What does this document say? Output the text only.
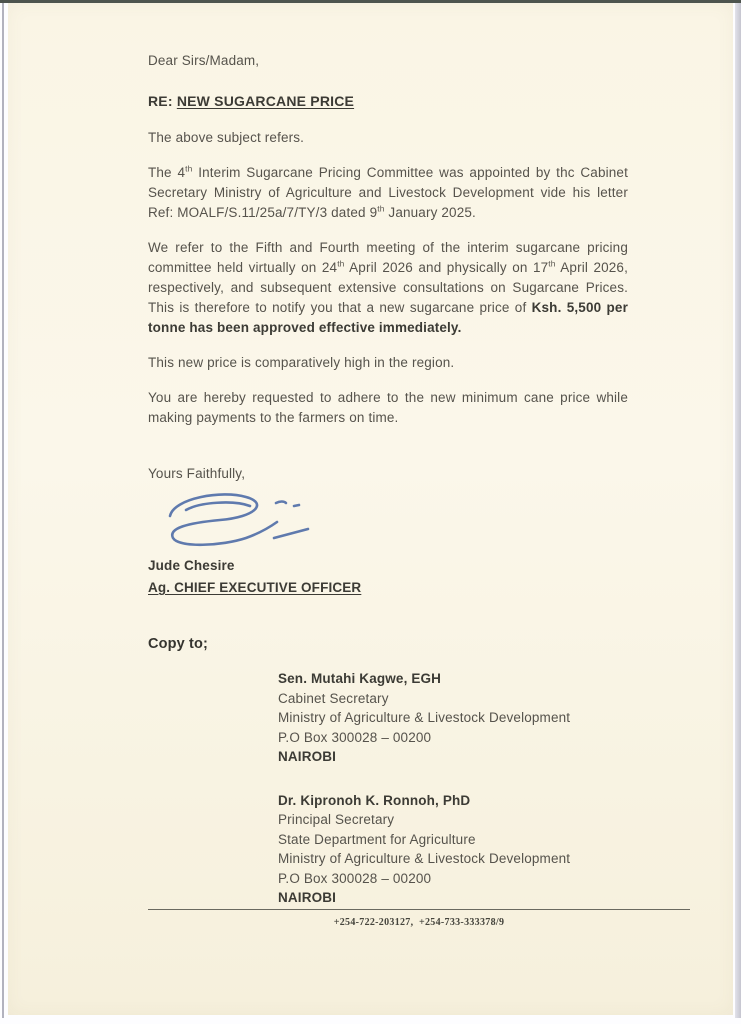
Dear Sirs/Madam,

RE: NEW SUGARCANE PRICE

The above subject refers.

The 4th Interim Sugarcane Pricing Committee was appointed by thc Cabinet Secretary Ministry of Agriculture and Livestock Development vide his letter Ref: MOALF/S.11/25a/7/TY/3 dated 9th January 2025.

We refer to the Fifth and Fourth meeting of the interim sugarcane pricing committee held virtually on 24th April 2026 and physically on 17th April 2026, respectively, and subsequent extensive consultations on Sugarcane Prices. This is therefore to notify you that a new sugarcane price of Ksh. 5,500 per tonne has been approved effective immediately.

This new price is comparatively high in the region.

You are hereby requested to adhere to the new minimum cane price while making payments to the farmers on time.

Yours Faithfully,

Jude Chesire
Ag. CHIEF EXECUTIVE OFFICER

Copy to;

Sen. Mutahi Kagwe, EGH
Cabinet Secretary
Ministry of Agriculture & Livestock Development
P.O Box 300028 – 00200
NAIROBI
Dr. Kipronoh K. Ronnoh, PhD
Principal Secretary
State Department for Agriculture
Ministry of Agriculture & Livestock Development
P.O Box 300028 – 00200
NAIROBI
+254-722-203127,  +254-733-333378/9
